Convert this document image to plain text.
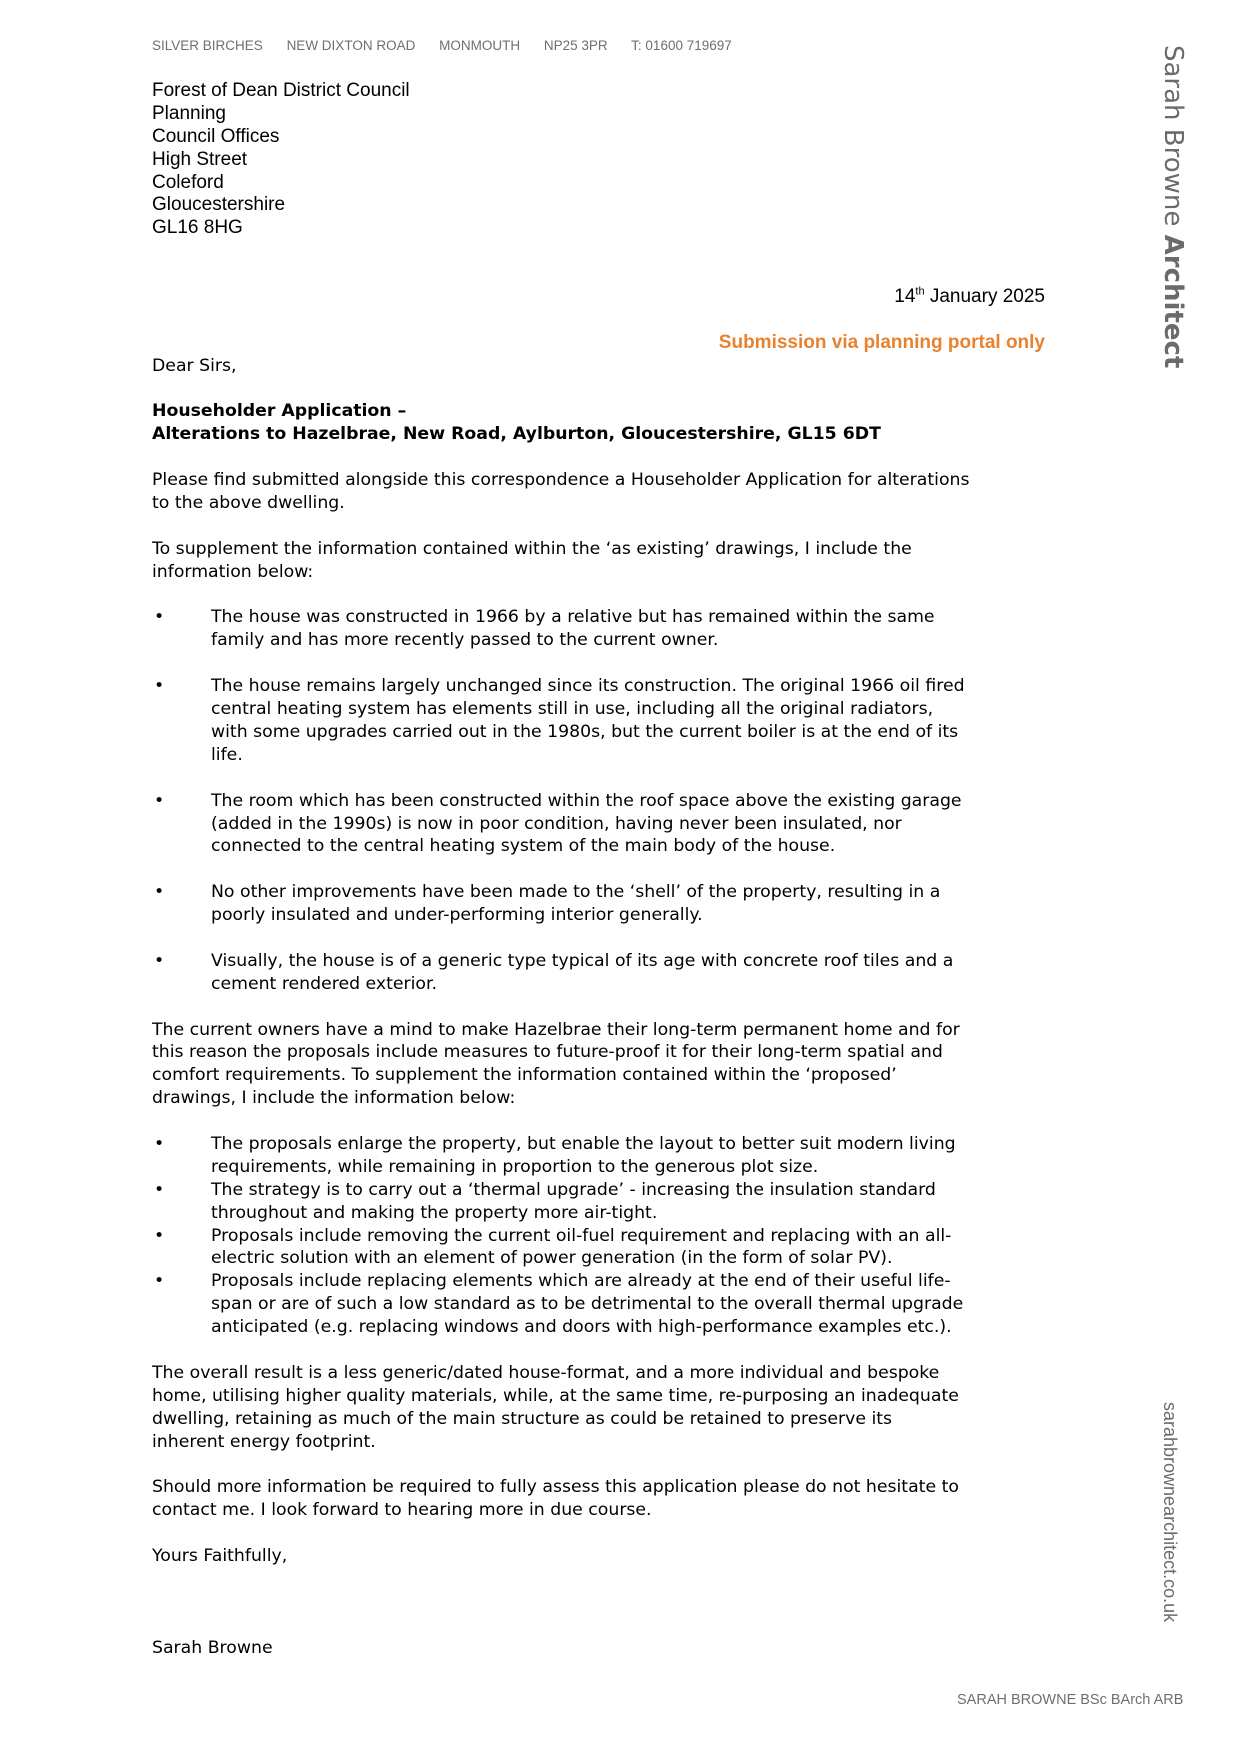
SILVER BIRCHES NEW DIXTON ROAD MONMOUTH NP25 3PR T: 01600 719697	Sarah Browne Architect
sarahbrownearchitect.co.uk
SARAH BROWNE BSc BArch ARB
Forest of Dean District Council
Planning
Council Offices
High Street
Coleford
Gloucestershire
GL16 8HG
14th January 2025
Submission via planning portal only
Dear Sirs,
Householder Application –
Alterations to Hazelbrae, New Road, Aylburton, Gloucestershire, GL15 6DT
Please find submitted alongside this correspondence a Householder Application for alterations
to the above dwelling.
To supplement the information contained within the ‘as existing’ drawings, I include the
information below:
•	The house was constructed in 1966 by a relative but has remained within the same
family and has more recently passed to the current owner.
•	The house remains largely unchanged since its construction. The original 1966 oil fired
central heating system has elements still in use, including all the original radiators,
with some upgrades carried out in the 1980s, but the current boiler is at the end of its
life.
•	The room which has been constructed within the roof space above the existing garage
(added in the 1990s) is now in poor condition, having never been insulated, nor
connected to the central heating system of the main body of the house.
•	No other improvements have been made to the ‘shell’ of the property, resulting in a
poorly insulated and under-performing interior generally.
•	Visually, the house is of a generic type typical of its age with concrete roof tiles and a
cement rendered exterior.
The current owners have a mind to make Hazelbrae their long-term permanent home and for
this reason the proposals include measures to future-proof it for their long-term spatial and
comfort requirements. To supplement the information contained within the ‘proposed’
drawings, I include the information below:
•	The proposals enlarge the property, but enable the layout to better suit modern living
requirements, while remaining in proportion to the generous plot size.
•	The strategy is to carry out a ‘thermal upgrade’ - increasing the insulation standard
throughout and making the property more air-tight.
•	Proposals include removing the current oil-fuel requirement and replacing with an all-
electric solution with an element of power generation (in the form of solar PV).
•	Proposals include replacing elements which are already at the end of their useful life-
span or are of such a low standard as to be detrimental to the overall thermal upgrade
anticipated (e.g. replacing windows and doors with high-performance examples etc.).
The overall result is a less generic/dated house-format, and a more individual and bespoke
home, utilising higher quality materials, while, at the same time, re-purposing an inadequate
dwelling, retaining as much of the main structure as could be retained to preserve its
inherent energy footprint.
Should more information be required to fully assess this application please do not hesitate to
contact me. I look forward to hearing more in due course.
Yours Faithfully,
Sarah Browne
